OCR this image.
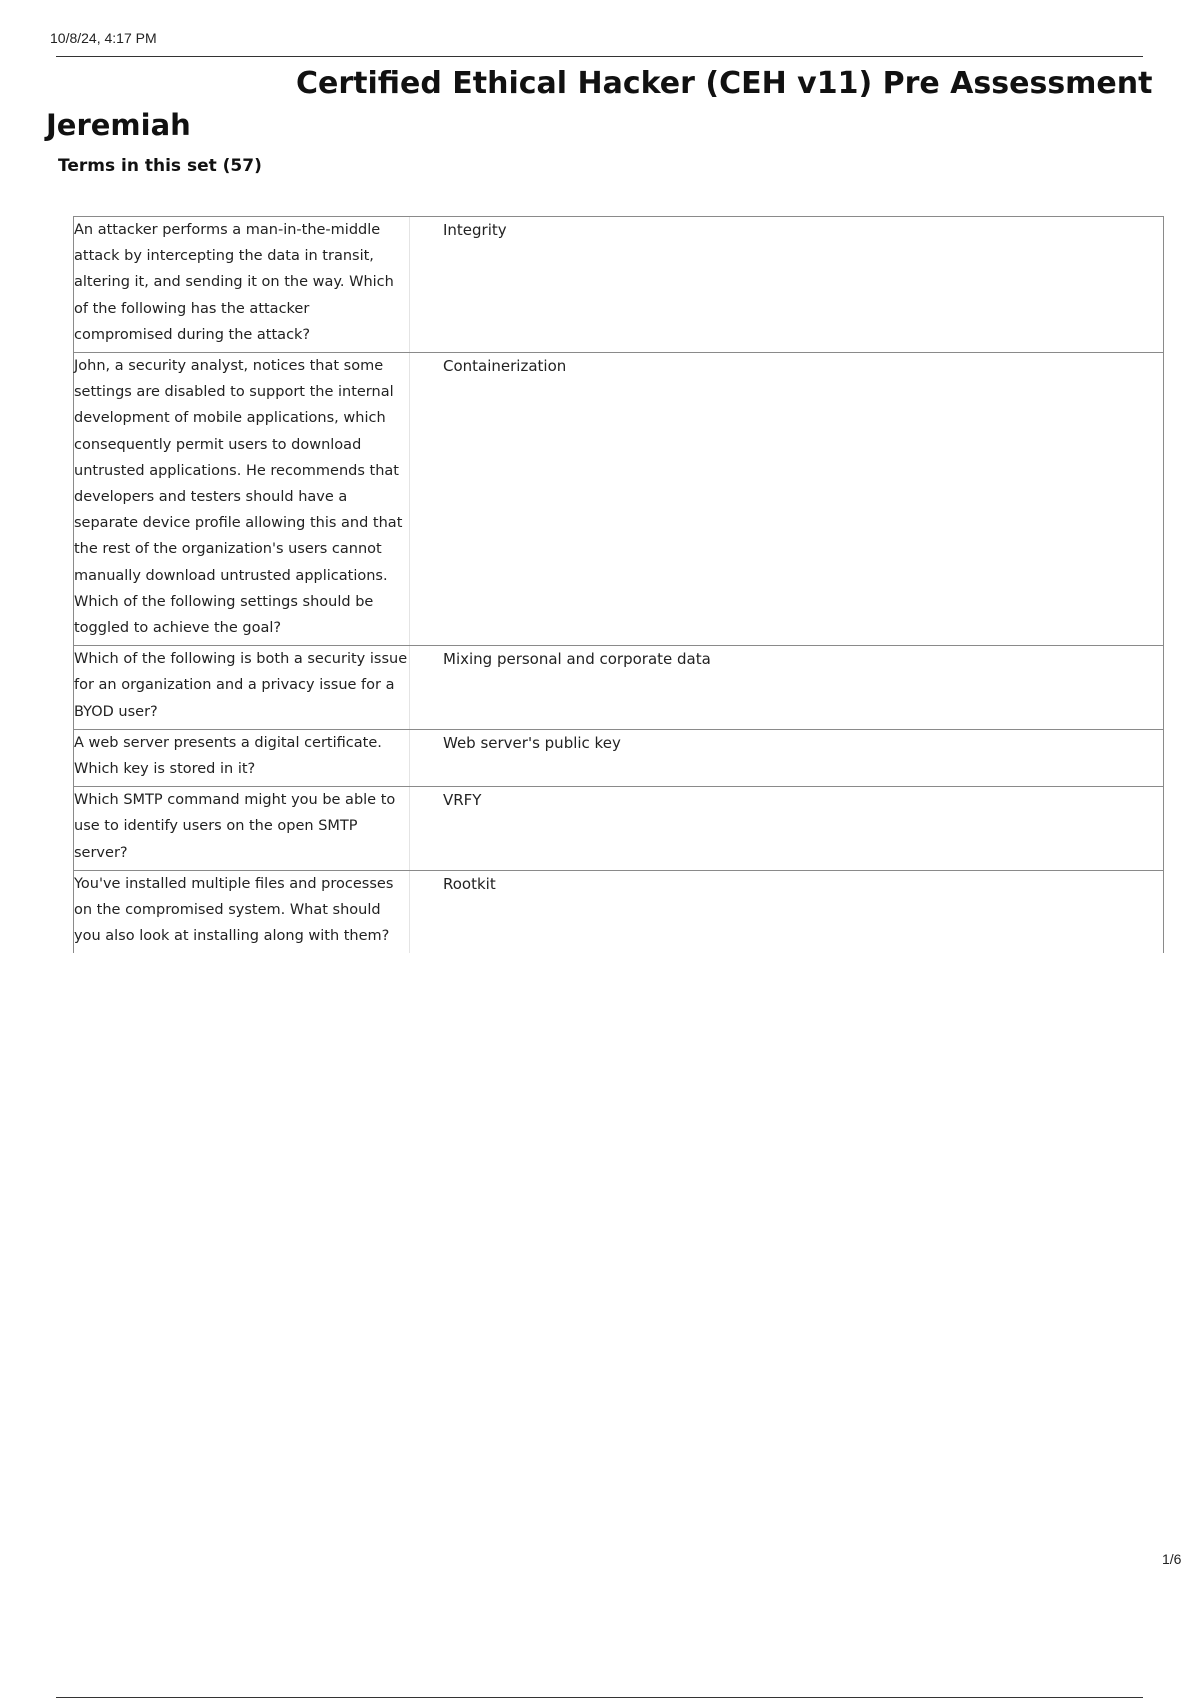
10/8/24, 4:17 PM
Certified Ethical Hacker (CEH v11) Pre Assessment
Jeremiah
Terms in this set (57)
An attacker performs a man-in-the-middle attack by intercepting the data in transit, altering it, and sending it on the way. Which of the following has the attacker compromised during the attack?
Integrity
John, a security analyst, notices that some settings are disabled to support the internal development of mobile applications, which consequently permit users to download untrusted applications. He recommends that developers and testers should have a separate device profile allowing this and that the rest of the organization's users cannot manually download untrusted applications. Which of the following settings should be toggled to achieve the goal?
Containerization
Which of the following is both a security issue for an organization and a privacy issue for a BYOD user?
Mixing personal and corporate data
A web server presents a digital certificate. Which key is stored in it?
Web server's public key
Which SMTP command might you be able to use to identify users on the open SMTP server?
VRFY
You've installed multiple files and processes on the compromised system. What should you also look at installing along with them?
Rootkit
1/6
